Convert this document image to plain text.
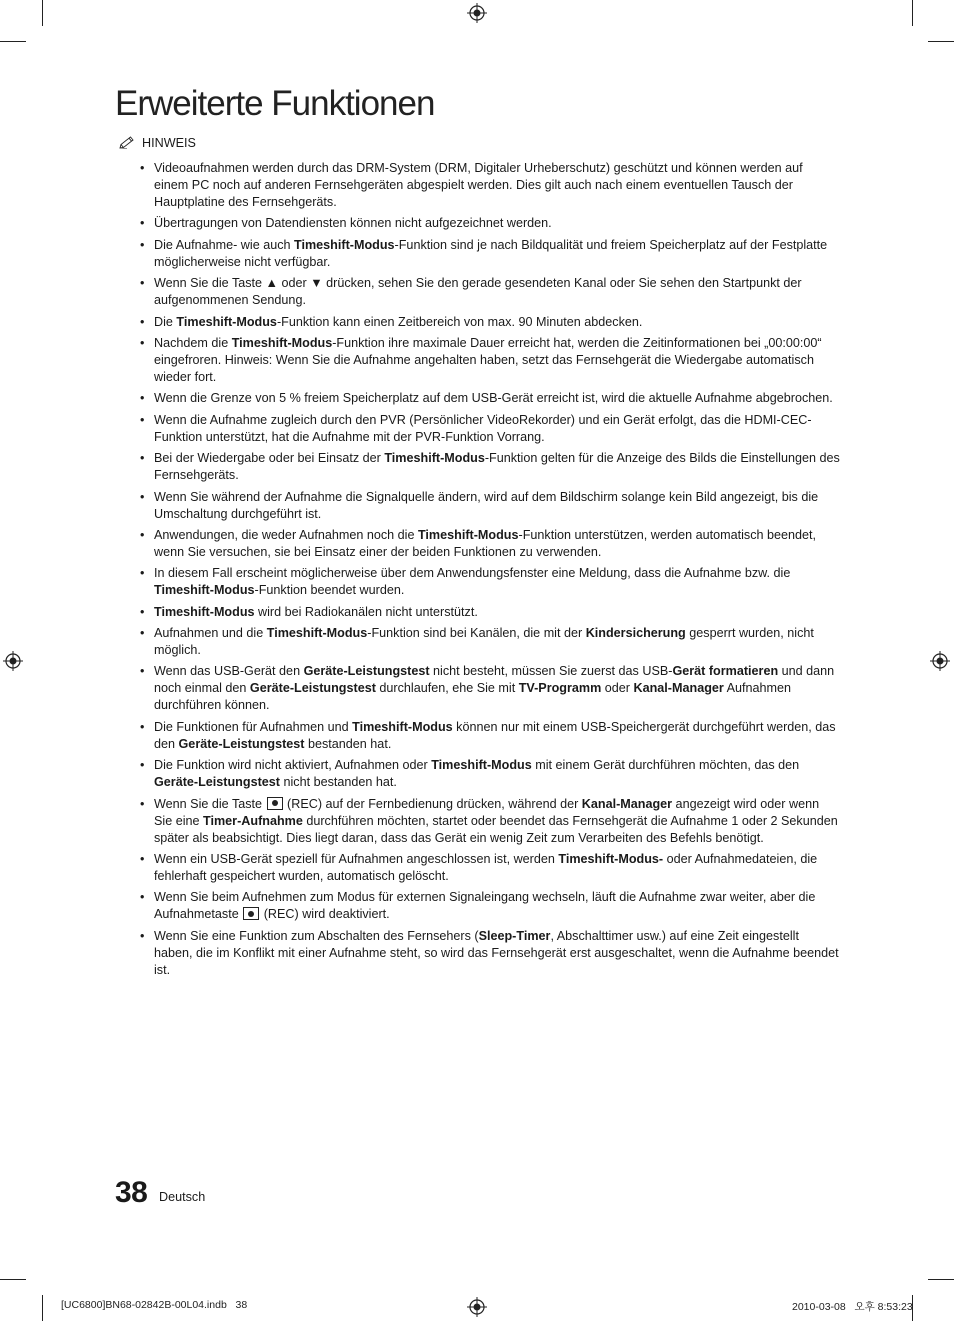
Erweiterte Funktionen
HINWEIS
• Videoaufnahmen werden durch das DRM-System (DRM, Digitaler Urheberschutz) geschützt und können werden auf einem PC noch auf anderen Fernsehgeräten abgespielt werden. Dies gilt auch nach einem eventuellen Tausch der Hauptplatine des Fernsehgeräts.
• Übertragungen von Datendiensten können nicht aufgezeichnet werden.
• Die Aufnahme- wie auch Timeshift-Modus-Funktion sind je nach Bildqualität und freiem Speicherplatz auf der Festplatte möglicherweise nicht verfügbar.
• Wenn Sie die Taste ▲ oder ▼ drücken, sehen Sie den gerade gesendeten Kanal oder Sie sehen den Startpunkt der aufgenommenen Sendung.
• Die Timeshift-Modus-Funktion kann einen Zeitbereich von max. 90 Minuten abdecken.
• Nachdem die Timeshift-Modus-Funktion ihre maximale Dauer erreicht hat, werden die Zeitinformationen bei „00:00:00“ eingefroren. Hinweis: Wenn Sie die Aufnahme angehalten haben, setzt das Fernsehgerät die Wiedergabe automatisch wieder fort.
• Wenn die Grenze von 5 % freiem Speicherplatz auf dem USB-Gerät erreicht ist, wird die aktuelle Aufnahme abgebrochen.
• Wenn die Aufnahme zugleich durch den PVR (Persönlicher VideoRekorder) und ein Gerät erfolgt, das die HDMI-CEC-Funktion unterstützt, hat die Aufnahme mit der PVR-Funktion Vorrang.
• Bei der Wiedergabe oder bei Einsatz der Timeshift-Modus-Funktion gelten für die Anzeige des Bilds die Einstellungen des Fernsehgeräts.
• Wenn Sie während der Aufnahme die Signalquelle ändern, wird auf dem Bildschirm solange kein Bild angezeigt, bis die Umschaltung durchgeführt ist.
• Anwendungen, die weder Aufnahmen noch die Timeshift-Modus-Funktion unterstützen, werden automatisch beendet, wenn Sie versuchen, sie bei Einsatz einer der beiden Funktionen zu verwenden.
• In diesem Fall erscheint möglicherweise über dem Anwendungsfenster eine Meldung, dass die Aufnahme bzw. die Timeshift-Modus-Funktion beendet wurden.
• Timeshift-Modus wird bei Radiokanälen nicht unterstützt.
• Aufnahmen und die Timeshift-Modus-Funktion sind bei Kanälen, die mit der Kindersicherung gesperrt wurden, nicht möglich.
• Wenn das USB-Gerät den Geräte-Leistungstest nicht besteht, müssen Sie zuerst das USB-Gerät formatieren und dann noch einmal den Geräte-Leistungstest durchlaufen, ehe Sie mit TV-Programm oder Kanal-Manager Aufnahmen durchführen können.
• Die Funktionen für Aufnahmen und Timeshift-Modus können nur mit einem USB-Speichergerät durchgeführt werden, das den Geräte-Leistungstest bestanden hat.
• Die Funktion wird nicht aktiviert, Aufnahmen oder Timeshift-Modus mit einem Gerät durchführen möchten, das den Geräte-Leistungstest nicht bestanden hat.
• Wenn Sie die Taste  (REC) auf der Fernbedienung drücken, während der Kanal-Manager angezeigt wird oder wenn Sie eine Timer-Aufnahme durchführen möchten, startet oder beendet das Fernsehgerät die Aufnahme 1 oder 2 Sekunden später als beabsichtigt. Dies liegt daran, dass das Gerät ein wenig Zeit zum Verarbeiten des Befehls benötigt.
• Wenn ein USB-Gerät speziell für Aufnahmen angeschlossen ist, werden Timeshift-Modus- oder Aufnahmedateien, die fehlerhaft gespeichert wurden, automatisch gelöscht.
• Wenn Sie beim Aufnehmen zum Modus für externen Signaleingang wechseln, läuft die Aufnahme zwar weiter, aber die Aufnahmetaste  (REC) wird deaktiviert.
• Wenn Sie eine Funktion zum Abschalten des Fernsehers (Sleep-Timer, Abschalttimer usw.) auf eine Zeit eingestellt haben, die im Konflikt mit einer Aufnahme steht, so wird das Fernsehgerät erst ausgeschaltet, wenn die Aufnahme beendet ist.
38 Deutsch
[UC6800]BN68-02842B-00L04.indb   38	2010-03-08   오후 8:53:23
